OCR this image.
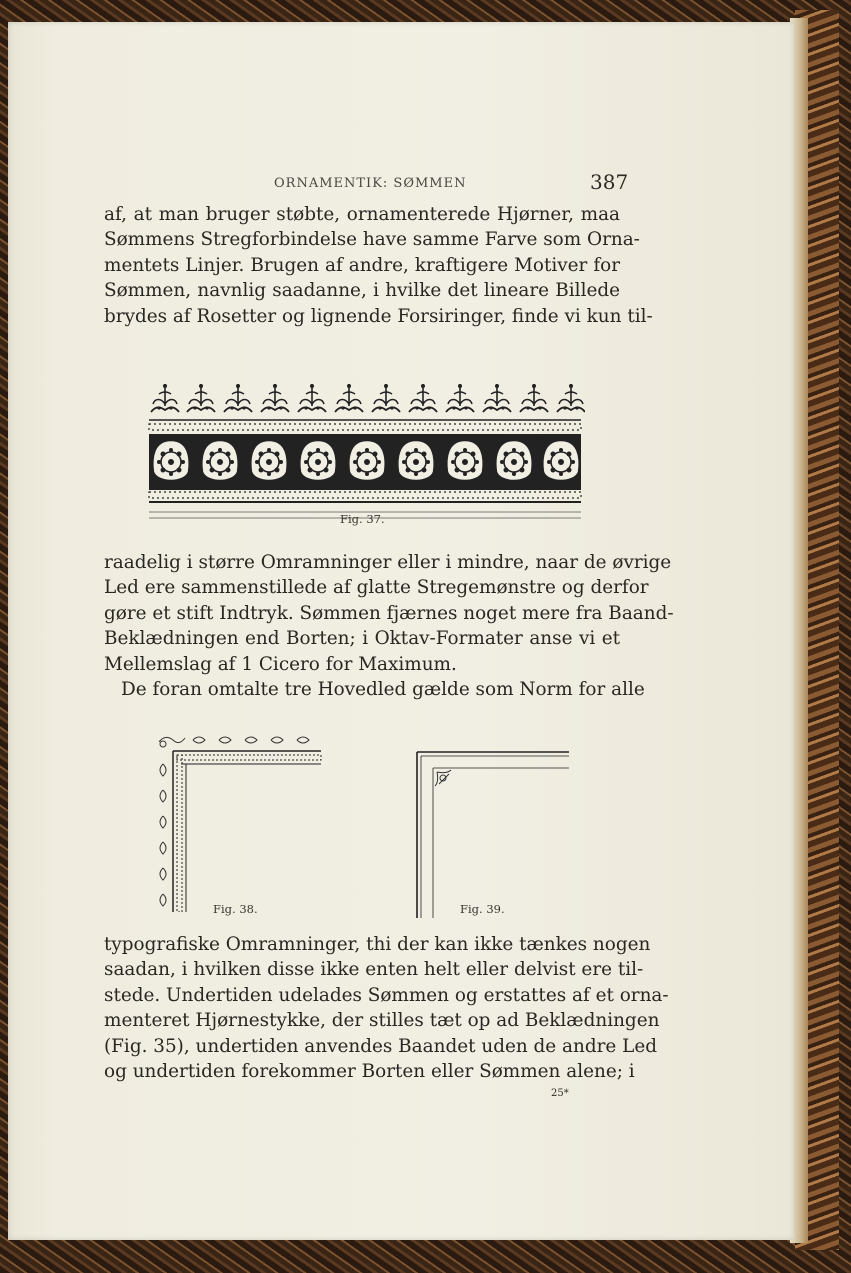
ORNAMENTIK: SØMMEN	387

af, at man bruger støbte, ornamenterede Hjørner, maa
Sømmens Stregforbindelse have samme Farve som Orna-
mentets Linjer. Brugen af andre, kraftigere Motiver for
Sømmen, navnlig saadanne, i hvilke det lineare Billede
brydes af Rosetter og lignende Forsiringer, finde vi kun til-

Fig. 37.

raadelig i større Omramninger eller i mindre, naar de øvrige
Led ere sammenstillede af glatte Stregemønstre og derfor
gøre et stift Indtryk. Sømmen fjærnes noget mere fra Baand-
Beklædningen end Borten; i Oktav-Formater anse vi et
Mellemslag af 1 Cicero for Maximum.

De foran omtalte tre Hovedled gælde som Norm for alle

Fig. 38.	Fig. 39.

typografiske Omramninger, thi der kan ikke tænkes nogen
saadan, i hvilken disse ikke enten helt eller delvist ere til-
stede. Undertiden udelades Sømmen og erstattes af et orna-
menteret Hjørnestykke, der stilles tæt op ad Beklædningen
(Fig. 35), undertiden anvendes Baandet uden de andre Led
og undertiden forekommer Borten eller Sømmen alene; i

25*
